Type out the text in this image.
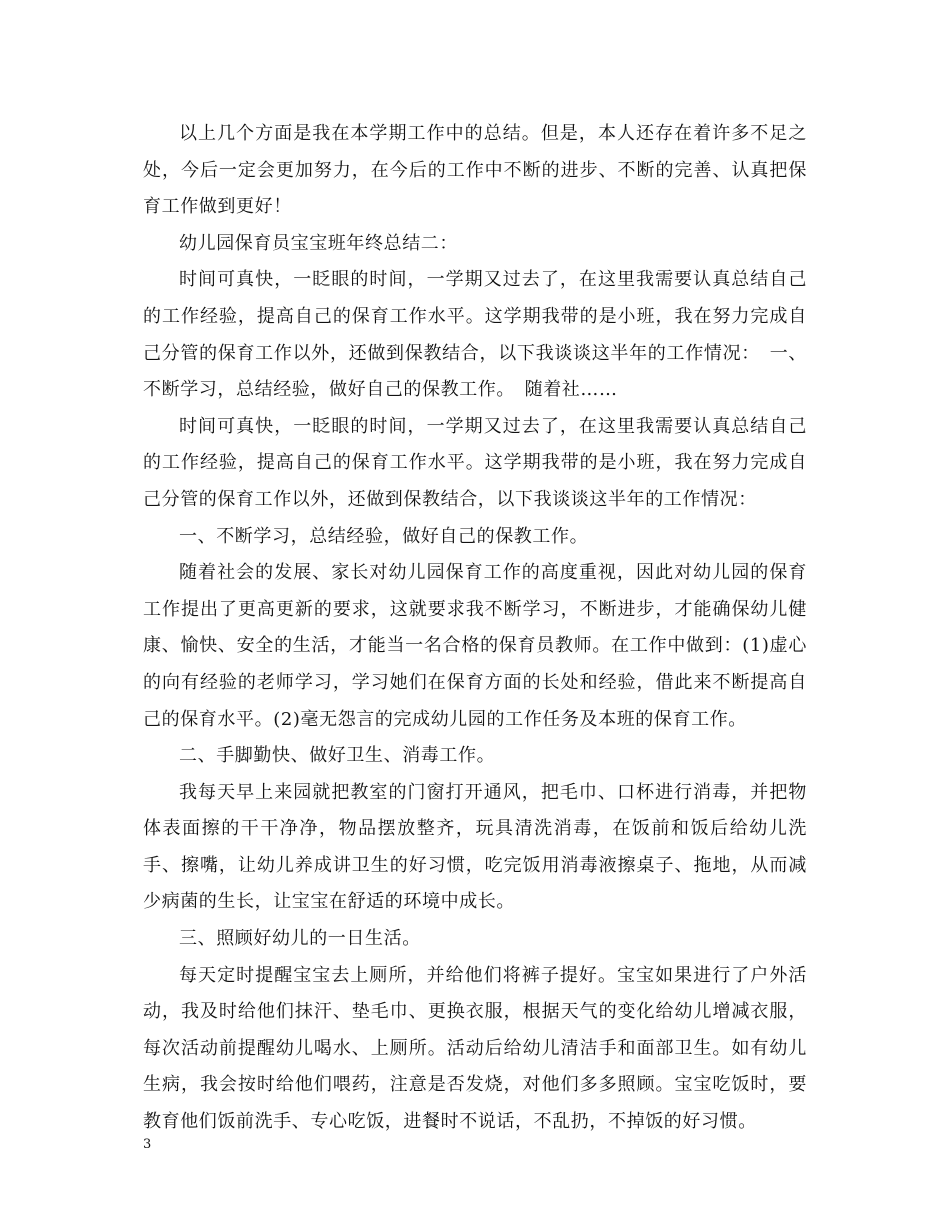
以上几个方面是我在本学期工作中的总结。但是，本人还存在着许多不足之处，今后一定会更加努力，在今后的工作中不断的进步、不断的完善、认真把保育工作做到更好！

幼儿园保育员宝宝班年终总结二：

时间可真快，一眨眼的时间，一学期又过去了，在这里我需要认真总结自己的工作经验，提高自己的保育工作水平。这学期我带的是小班，我在努力完成自己分管的保育工作以外，还做到保教结合，以下我谈谈这半年的工作情况：　一、不断学习，总结经验，做好自己的保教工作。　随着社……

时间可真快，一眨眼的时间，一学期又过去了，在这里我需要认真总结自己的工作经验，提高自己的保育工作水平。这学期我带的是小班，我在努力完成自己分管的保育工作以外，还做到保教结合，以下我谈谈这半年的工作情况：

一、不断学习，总结经验，做好自己的保教工作。

随着社会的发展、家长对幼儿园保育工作的高度重视，因此对幼儿园的保育工作提出了更高更新的要求，这就要求我不断学习，不断进步，才能确保幼儿健康、愉快、安全的生活，才能当一名合格的保育员教师。在工作中做到：(1)虚心的向有经验的老师学习，学习她们在保育方面的长处和经验，借此来不断提高自己的保育水平。(2)毫无怨言的完成幼儿园的工作任务及本班的保育工作。

二、手脚勤快、做好卫生、消毒工作。

我每天早上来园就把教室的门窗打开通风，把毛巾、口杯进行消毒，并把物体表面擦的干干净净，物品摆放整齐，玩具清洗消毒，在饭前和饭后给幼儿洗手、擦嘴，让幼儿养成讲卫生的好习惯，吃完饭用消毒液擦桌子、拖地，从而减少病菌的生长，让宝宝在舒适的环境中成长。

三、照顾好幼儿的一日生活。

每天定时提醒宝宝去上厕所，并给他们将裤子提好。宝宝如果进行了户外活动，我及时给他们抹汗、垫毛巾、更换衣服，根据天气的变化给幼儿增减衣服，每次活动前提醒幼儿喝水、上厕所。活动后给幼儿清洁手和面部卫生。如有幼儿生病，我会按时给他们喂药，注意是否发烧，对他们多多照顾。宝宝吃饭时，要教育他们饭前洗手、专心吃饭，进餐时不说话，不乱扔，不掉饭的好习惯。

3
